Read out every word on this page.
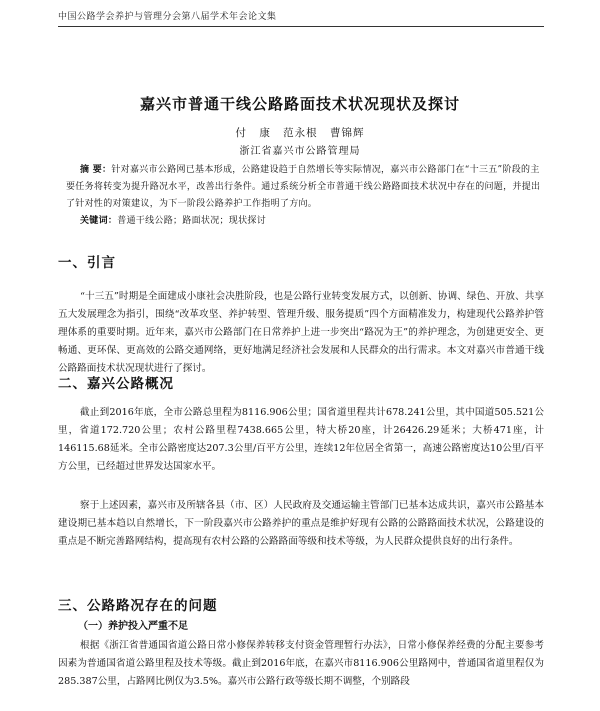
中国公路学会养护与管理分会第八届学术年会论文集
嘉兴市普通干线公路路面技术状况现状及探讨
付 康 范永根 曹锦辉
浙江省嘉兴市公路管理局
摘 要：针对嘉兴市公路网已基本形成，公路建设趋于自然增长等实际情况，嘉兴市公路部门在“十三五”阶段的主要任务将转变为提升路况水平，改善出行条件。通过系统分析全市普通干线公路路面技术状况中存在的问题，并提出了针对性的对策建议，为下一阶段公路养护工作指明了方向。
关键词：普通干线公路；路面状况；现状探讨
一、引言

“十三五”时期是全面建成小康社会决胜阶段，也是公路行业转变发展方式，以创新、协调、绿色、开放、共享五大发展理念为指引，围绕“改革攻坚、养护转型、管理升级、服务提质”四个方面精准发力，构建现代公路养护管理体系的重要时期。近年来，嘉兴市公路部门在日常养护上进一步突出“路况为王”的养护理念，为创建更安全、更畅通、更环保、更高效的公路交通网络，更好地满足经济社会发展和人民群众的出行需求。本文对嘉兴市普通干线公路路面技术状况现状进行了探讨。

二、嘉兴公路概况

截止到2016年底，全市公路总里程为8116.906公里；国省道里程共计678.241公里，其中国道505.521公里，省道172.720公里；农村公路里程7438.665公里，特大桥20座，计26426.29延米；大桥471座，计146115.68延米。全市公路密度达207.3公里/百平方公里，连续12年位居全省第一，高速公路密度达10公里/百平方公里，已经超过世界发达国家水平。

察于上述因素，嘉兴市及所辖各县（市、区）人民政府及交通运输主管部门已基本达成共识，嘉兴市公路基本建设期已基本趋以自然增长，下一阶段嘉兴市公路养护的重点是维护好现有公路的公路路面技术状况，公路建设的重点是不断完善路网结构，提高现有农村公路的公路路面等级和技术等级，为人民群众提供良好的出行条件。

三、公路路况存在的问题
（一）养护投入严重不足

根据《浙江省普通国省道公路日常小修保养转移支付资金管理暂行办法》，日常小修保养经费的分配主要参考因素为普通国省道公路里程及技术等级。截止到2016年底，在嘉兴市8116.906公里路网中，普通国省道里程仅为285.387公里，占路网比例仅为3.5%。嘉兴市公路行政等级长期不调整，个别路段
